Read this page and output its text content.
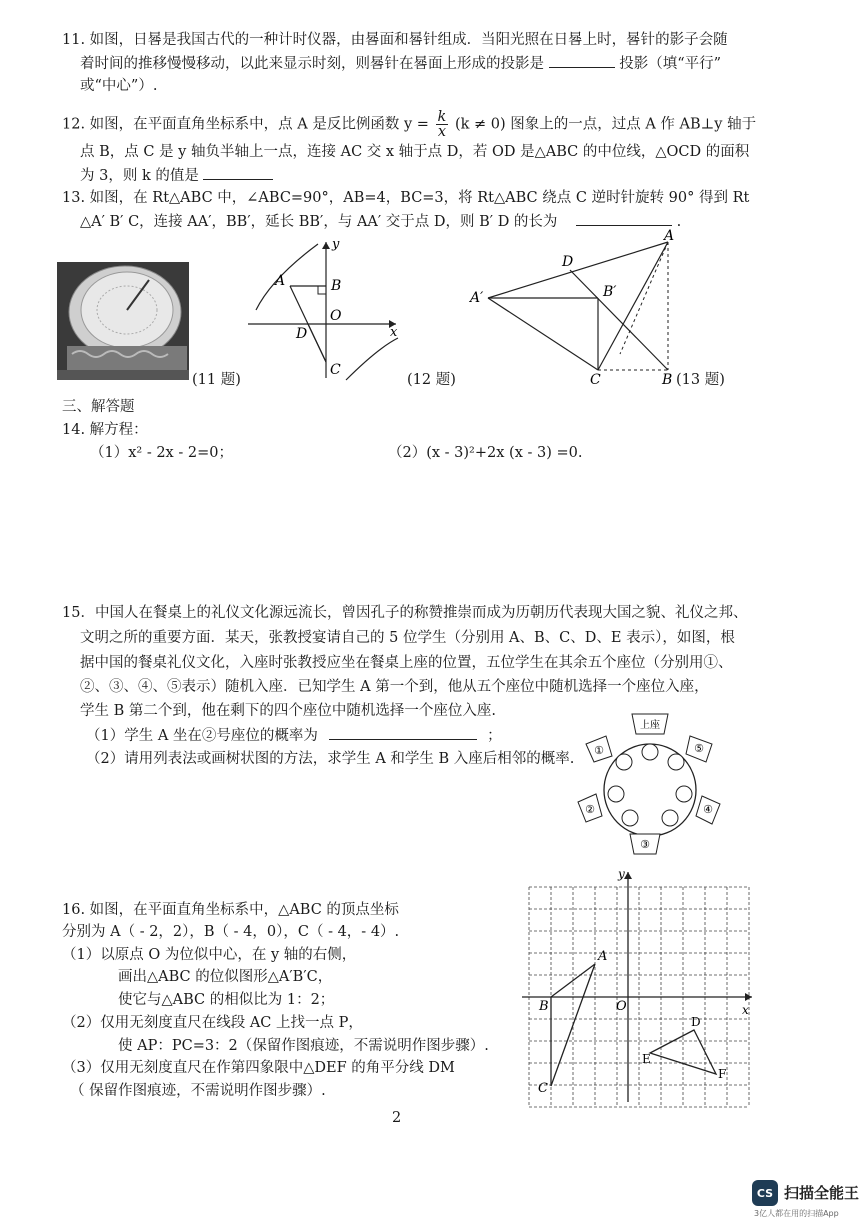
11. 如图，日晷是我国古代的一种计时仪器，由晷面和晷针组成．当阳光照在日晷上时，晷针的影子会随
着时间的推移慢慢移动，以此来显示时刻，则晷针在晷面上形成的投影是	投影（填“平行”
或“中心”）.
12. 如图，在平面直角坐标系中，点 A 是反比例函数 $y = \frac{k}{x} (k \ne 0)$ 图象上的一点，过点 A 作 AB⊥y 轴于
点 B，点 C 是 y 轴负半轴上一点，连接 AC 交 x 轴于点 D，若 OD 是△ABC 的中位线，△OCD 的面积
为 3，则 k 的值是
13. 如图，在 Rt△ABC 中，∠ABC=90°，AB=4，BC=3，将 Rt△ABC 绕点 C 逆时针旋转 90° 得到 Rt
△A′ B′ C，连接 AA′，BB′，延长 BB′，与 AA′ 交于点 D，则 B′ D 的长为	.
(11 题)
A	B
O
D
C
x
y
(12 题)
A
D
A′	B′
C	B (13 题)
三、解答题
14. 解方程：
（1）x² - 2x - 2=0；	（2）(x - 3)²+2x (x - 3) =0.
15．中国人在餐桌上的礼仪文化源远流长，曾因孔子的称赞推崇而成为历朝历代表现大国之貌、礼仪之邦、
文明之所的重要方面．某天，张教授宴请自己的 5 位学生（分别用 A、B、C、D、E 表示），如图，根
据中国的餐桌礼仪文化，入座时张教授应坐在餐桌上座的位置，五位学生在其余五个座位（分别用①、
②、③、④、⑤表示）随机入座．已知学生 A 第一个到，他从五个座位中随机选择一个座位入座，
学生 B 第二个到，他在剩下的四个座位中随机选择一个座位入座.
（1）学生 A 坐在②号座位的概率为	；
（2）请用列表法或画树状图的方法，求学生 A 和学生 B 入座后相邻的概率.
上座
①
②
③
④
⑤
16. 如图，在平面直角坐标系中，△ABC 的顶点坐标
分别为 A（ - 2，2），B（ - 4，0），C（ - 4，- 4）.
（1）以原点 O 为位似中心，在 y 轴的右侧，
画出△ABC 的位似图形△A′B′C，
使它与△ABC 的相似比为 1：2；
（2）仅用无刻度直尺在线段 AC 上找一点 P，
使 AP：PC=3：2（保留作图痕迹，不需说明作图步骤）.
（3）仅用无刻度直尺在作第四象限中△DEF 的角平分线 DM
（ 保留作图痕迹，不需说明作图步骤）.
A
B	O
C
D
E
F
x
y
2
CS 扫描全能王
3亿人都在用的扫描App
